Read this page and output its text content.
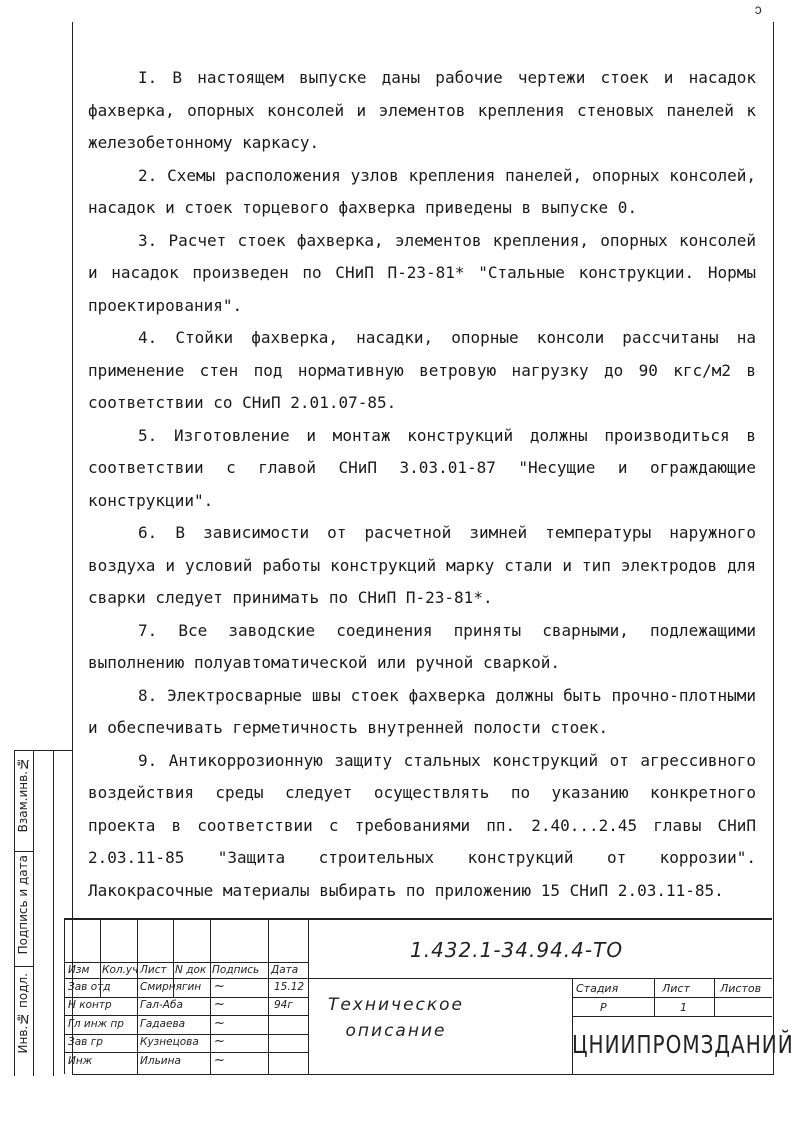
ↄ

I. В настоящем выпуске даны рабочие чертежи стоек и насадок фахверка, опорных консолей и элементов крепления стеновых панелей к железобетонному каркасу.

2. Схемы расположения узлов крепления панелей, опорных консолей, насадок и стоек торцевого фахверка приведены в выпуске 0.

3. Расчет стоек фахверка, элементов крепления, опорных консолей и насадок произведен по СНиП П-23-81* "Стальные конструкции. Нормы проектирования".

4. Стойки фахверка, насадки, опорные консоли рассчитаны на применение стен под нормативную ветровую нагрузку до 90 кгс/м2 в соответствии со СНиП 2.01.07-85.

5. Изготовление и монтаж конструкций должны производиться в соответствии с главой СНиП 3.03.01-87 "Несущие и ограждающие конструкции".

6. В зависимости от расчетной зимней температуры наружного воздуха и условий работы конструкций марку стали и тип электродов для сварки следует принимать по СНиП П-23-81*.

7. Все заводские соединения приняты сварными, подлежащими выполнению полуавтоматической или ручной сваркой.

8. Электросварные швы стоек фахверка должны быть прочно-плотными и обеспечивать герметичность внутренней полости стоек.

9. Антикоррозионную защиту стальных конструкций от агрессивного воздействия среды следует осуществлять по указанию конкретного проекта в соответствии с требованиями пп. 2.40...2.45 главы СНиП 2.03.11-85 "Защита строительных конструкций от коррозии". Лакокрасочные материалы выбирать по приложению 15 СНиП 2.03.11-85.

Инв.№ подл.
Подпись и дата
Взам.инв.№
Изм Кол.уч Лист N док Подпись Дата
Зав отд	Смирнягин ~	15.12
Н контр	Гал-Аба ~	94г
Гл инж пр Гадаева ~
Зав гр	Кузнецова ~
Инж	Ильина	~
1.432.1-34.94.4-ТО
Техническое
описание
Стадия	Лист	Листов
Р	1
ЦНИИПРОМЗДАНИЙ
